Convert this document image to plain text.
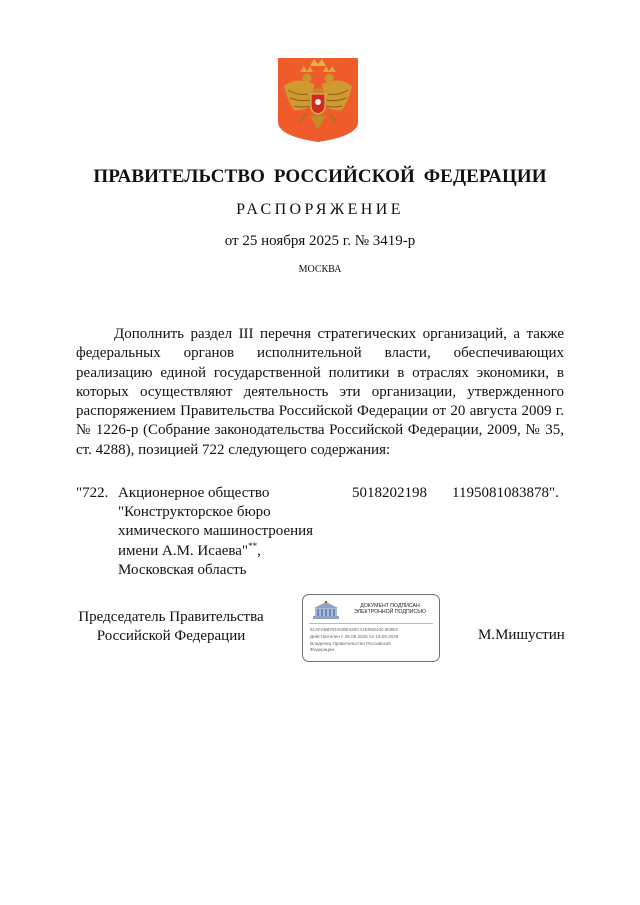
ПРАВИТЕЛЬСТВО РОССИЙСКОЙ ФЕДЕРАЦИИ
РАСПОРЯЖЕНИЕ
от 25 ноября 2025 г. № 3419-р
МОСКВА
Дополнить раздел III перечня стратегических организаций, а также федеральных органов исполнительной власти, обеспечивающих реализацию единой государственной политики в отраслях экономики, в которых осуществляют деятельность эти организации, утвержденного распоряжением Правительства Российской Федерации от 20 августа 2009 г. № 1226-р (Собрание законодательства Российской Федерации, 2009, № 35, ст. 4288), позицией 722 следующего содержания:
"722. Акционерное общество
"Конструкторское бюро
химического машиностроения
имени А.М. Исаева"**,
Московская область
5018202198 1195081083878".
Председатель Правительства
Российской Федерации	М.Мишустин
ДОКУМЕНТ ПОДПИСАН
ЭЛЕКТРОННОЙ ПОДПИСЬЮ
51AFAB8781D39E420C41E05D43C303E3
Действителен с 26.06.2025 по 19.09.2026
Владелец Правительство Российской
Федерации
